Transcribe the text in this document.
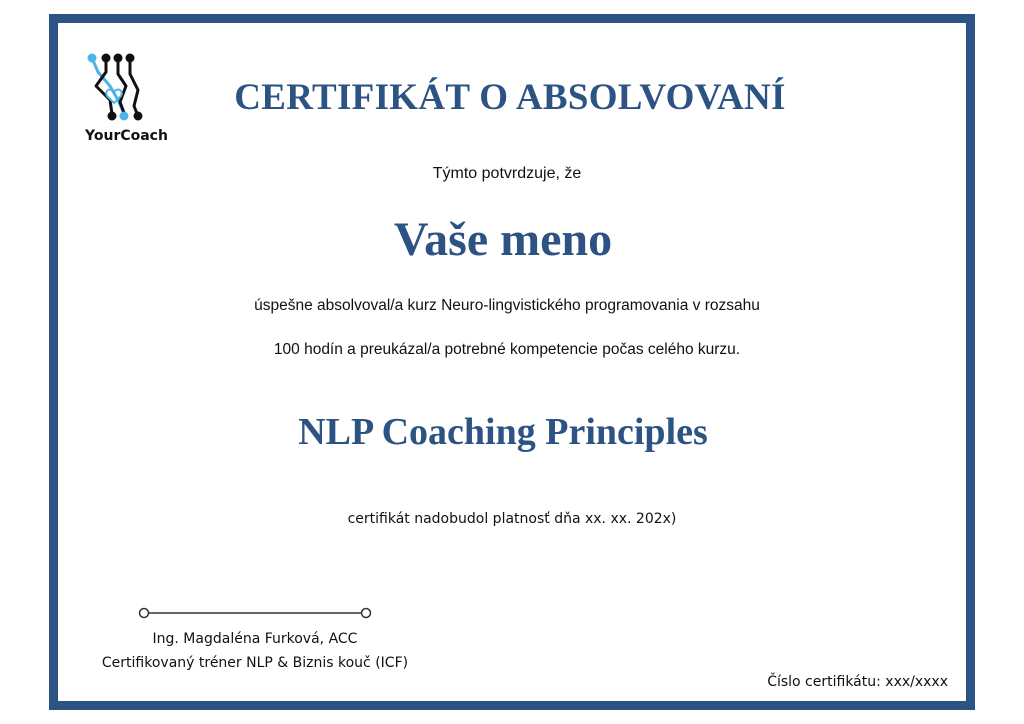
YourCoach
CERTIFIKÁT O ABSOLVOVANÍ
Týmto potvrdzuje, že
Vaše meno
úspešne absolvoval/a kurz Neuro-lingvistického programovania v rozsahu
100 hodín a preukázal/a potrebné kompetencie počas celého kurzu.
NLP Coaching Principles
certifikát nadobudol platnosť dňa xx. xx. 202x)
Ing. Magdaléna Furková, ACC
Certifikovaný tréner NLP & Biznis kouč (ICF)
Číslo certifikátu: xxx/xxxx
